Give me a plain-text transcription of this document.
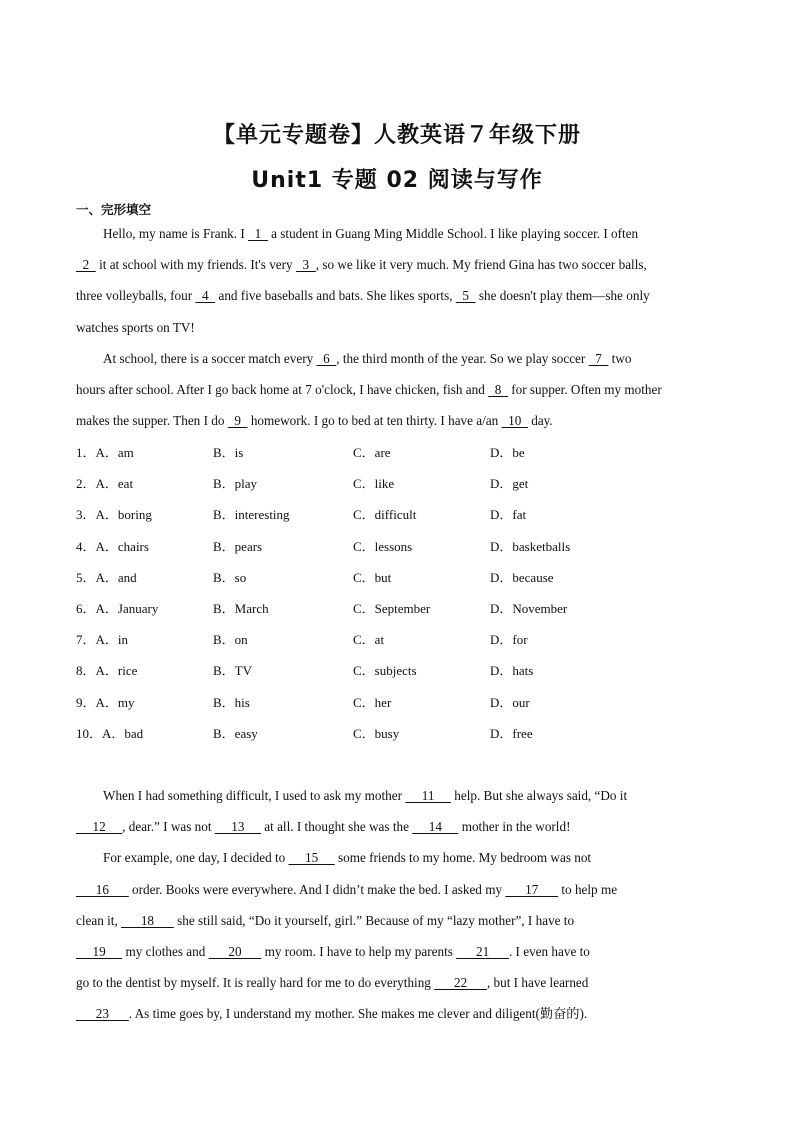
【单元专题卷】人教英语７年级下册
Unit1 专题 02 阅读与写作
一、完形填空
Hello, my name is Frank. I   1   a student in Guang Ming Middle School. I like playing soccer. I often
2   it at school with my friends. It's very   3  , so we like it very much. My friend Gina has two soccer balls,
three volleyballs, four   4   and five baseballs and bats. She likes sports,   5   she doesn't play them—she only
watches sports on TV!
At school, there is a soccer match every   6  , the third month of the year. So we play soccer   7   two
hours after school. After I go back home at 7 o'clock, I have chicken, fish and   8   for supper. Often my mother
makes the supper. Then I do   9   homework. I go to bed at ten thirty. I have a/an   10   day.
1．A．am	B．is	C．are	D．be
2．A．eat	B．play	C．like	D．get
3．A．boring	B．interesting	C．difficult	D．fat
4．A．chairs	B．pears	C．lessons	D．basketballs
5．A．and	B．so	C．but	D．because
6．A．January	B．March	C．September	D．November
7．A．in	B．on	C．at	D．for
8．A．rice	B．TV	C．subjects	D．hats
9．A．my	B．his	C．her	D．our
10．A．bad	B．easy	C．busy	D．free
When I had something difficult, I used to ask my mother      11      help. But she always said, “Do it
12     , dear.” I was not      13      at all. I thought she was the      14      mother in the world!
For example, one day, I decided to      15      some friends to my home. My bedroom was not
16       order. Books were everywhere. And I didn’t make the bed. I asked my       17       to help me
clean it,       18       she still said, “Do it yourself, girl.” Because of my “lazy mother”, I have to
19      my clothes and       20       my room. I have to help my parents       21      . I even have to
go to the dentist by myself. It is really hard for me to do everything       22      , but I have learned
23      . As time goes by, I understand my mother. She makes me clever and diligent(勤奋的).
